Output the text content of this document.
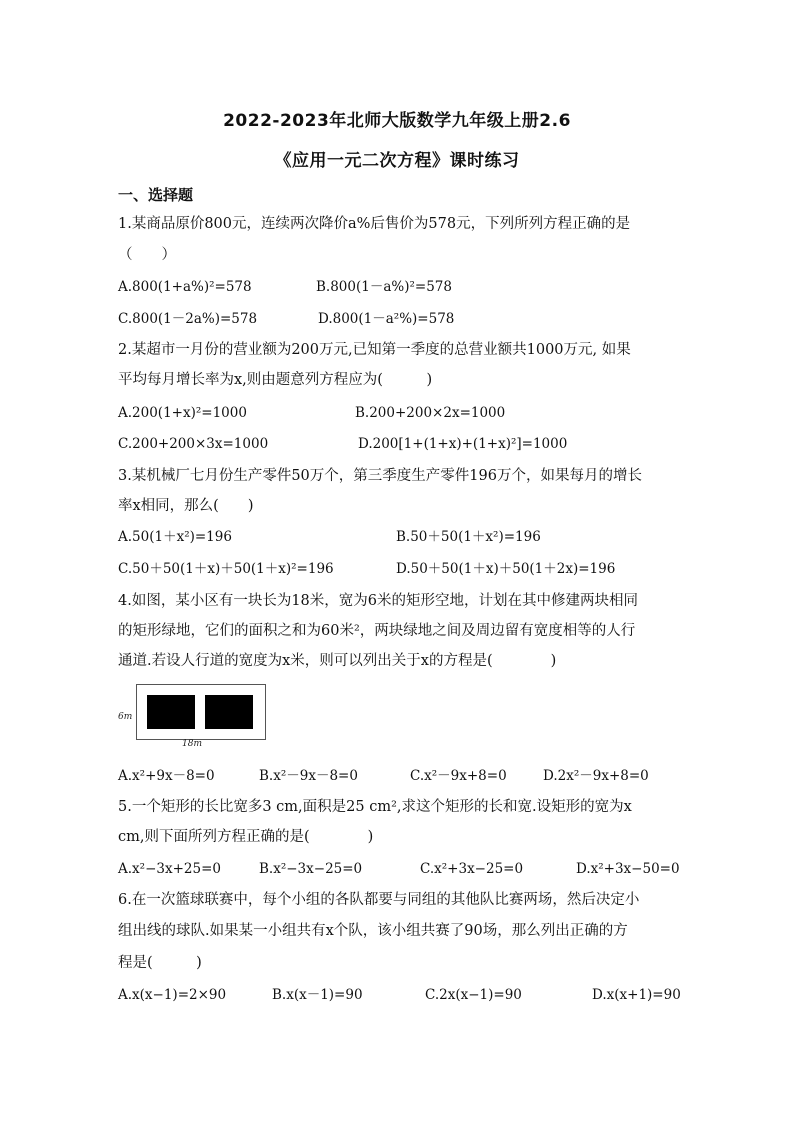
2022-2023年北师大版数学九年级上册2.6
《应用一元二次方程》课时练习
一、选择题
1.某商品原价800元，连续两次降价a%后售价为578元，下列所列方程正确的是
（　　）
A.800(1+a%)²=578	B.800(1－a%)²=578
C.800(1－2a%)=578	D.800(1－a²%)=578
2.某超市一月份的营业额为200万元,已知第一季度的总营业额共1000万元, 如果
平均每月增长率为x,则由题意列方程应为(　　　)
A.200(1+x)²=1000	B.200+200×2x=1000
C.200+200×3x=1000	D.200[1+(1+x)+(1+x)²]=1000
3.某机械厂七月份生产零件50万个，第三季度生产零件196万个，如果每月的增长
率x相同，那么(　　)
A.50(1＋x²)=196	B.50＋50(1＋x²)=196
C.50＋50(1＋x)＋50(1＋x)²=196	D.50＋50(1＋x)＋50(1＋2x)=196
4.如图，某小区有一块长为18米，宽为6米的矩形空地，计划在其中修建两块相同
的矩形绿地，它们的面积之和为60米²，两块绿地之间及周边留有宽度相等的人行
通道.若设人行道的宽度为x米，则可以列出关于x的方程是(　　　　)
6m
18m
A.x²+9x－8=0	B.x²－9x－8=0	C.x²－9x+8=0	D.2x²－9x+8=0
5.一个矩形的长比宽多3 cm,面积是25 cm²,求这个矩形的长和宽.设矩形的宽为x
cm,则下面所列方程正确的是(　　　　)
A.x²−3x+25=0	B.x²−3x−25=0	C.x²+3x−25=0	D.x²+3x−50=0
6.在一次篮球联赛中，每个小组的各队都要与同组的其他队比赛两场，然后决定小
组出线的球队.如果某一小组共有x个队，该小组共赛了90场，那么列出正确的方
程是(　　　)
A.x(x−1)=2×90	B.x(x－1)=90	C.2x(x−1)=90	D.x(x+1)=90
